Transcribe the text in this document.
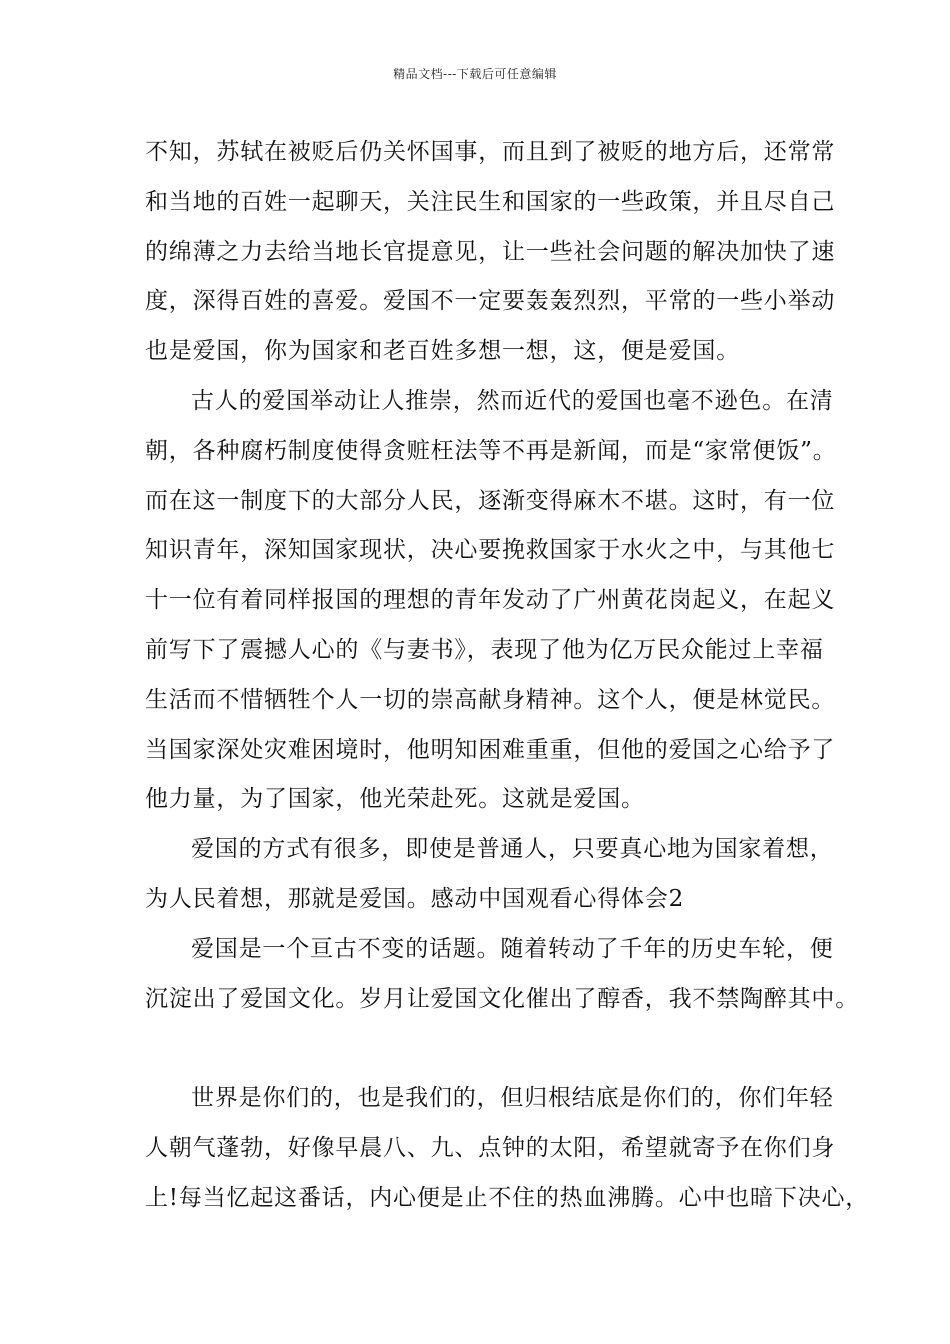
精品文档---下载后可任意编辑
不知，苏轼在被贬后仍关怀国事，而且到了被贬的地方后，还常常
和当地的百姓一起聊天，关注民生和国家的一些政策，并且尽自己
的绵薄之力去给当地长官提意见，让一些社会问题的解决加快了速
度，深得百姓的喜爱。爱国不一定要轰轰烈烈，平常的一些小举动
也是爱国，你为国家和老百姓多想一想，这，便是爱国。
古人的爱国举动让人推崇，然而近代的爱国也毫不逊色。在清
朝，各种腐朽制度使得贪赃枉法等不再是新闻，而是“家常便饭”。
而在这一制度下的大部分人民，逐渐变得麻木不堪。这时，有一位
知识青年，深知国家现状，决心要挽救国家于水火之中，与其他七
十一位有着同样报国的理想的青年发动了广州黄花岗起义，在起义
前写下了震撼人心的《与妻书》，表现了他为亿万民众能过上幸福
生活而不惜牺牲个人一切的崇高献身精神。这个人，便是林觉民。
当国家深处灾难困境时，他明知困难重重，但他的爱国之心给予了
他力量，为了国家，他光荣赴死。这就是爱国。
爱国的方式有很多，即使是普通人，只要真心地为国家着想，
为人民着想，那就是爱国。感动中国观看心得体会2
爱国是一个亘古不变的话题。随着转动了千年的历史车轮，便
沉淀出了爱国文化。岁月让爱国文化催出了醇香，我不禁陶醉其中。
世界是你们的，也是我们的，但归根结底是你们的，你们年轻
人朝气蓬勃，好像早晨八、九、点钟的太阳，希望就寄予在你们身
上!每当忆起这番话，内心便是止不住的热血沸腾。心中也暗下决心，
